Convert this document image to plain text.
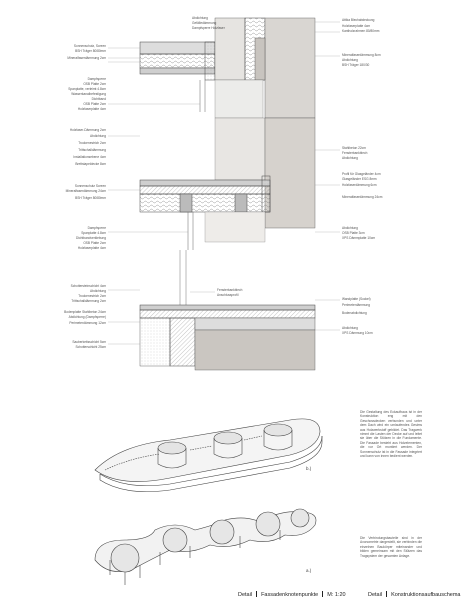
Sonnenschutz, Screen
BSH Träger 80/80mm
Mineralfaserdämmung 2cm
Dampfsperre
OSB Platte 2cm
Spanplatte, verleimt 4.8cm
Wasserkanalbefestigung
Dichtband
OSB Platte 2cm
Holzfaserplatte 4cm
Abdichtung
Gefälledämmung
Dampfsperre Holzfaser
Attika Blechabdeckung
Holzfaserplatte 4cm
Kantholzrahmen 80/80mm
Mineralfaserdämmung 8cm
Abdichtung
BSH Träger 180/30
Holzfaser-Dämmung 2cm
Abdichtung
Trockenestrich 2cm
Trittschalldämmung
Installationsebene 4cm
Brettstapeldecke 8cm
Sonnenschutz Screen
Mineralfaserdämmung 24cm
BSH Träger 80/80mm
Dampfsperre
Spanplatte 4.8cm
Dichtbandverklebung
OSB Platte 2cm
Holzfaserplatte 4cm
Stahlbeton 22cm
Fensterbankblech
Abdichtung
Profil für Glasgeländer 4cm
Glasgeländer ESG 8mm
Holzfaserdämmung 6cm
Mineralfaserdämmung 24cm
Abdichtung
OSB Platte 3cm
XPS Dämmplatte 10cm
Schottersteinschicht 4cm
Abdichtung
Trockenestrich 2cm
Trittschalldämmung 2cm
Bodenplatte Stahlbeton 24cm
Abdichtung (Dampfsperre)
Perimeterdämmung 12cm
Sauberkeitsschicht 5cm
Schotterschicht 25cm
Fensterbankblech
Anschlussprofil
Wandplatte (Sockel)
Perimeterdämmung
Bodenabdichtung
Abdichtung
XPS Dämmung 10cm
Die Gestaltung des Eckaufbaus ist in der Konstruktion eng mit den Geschossdecken verbunden und unter dem Dach wird ein umlaufendes Gesims aus Holzwerkstoff gebildet. Das Tragwerk nimmt die Lasten der Decke auf und leitet sie über die Stützen in die Fundamente. Die Fassade besteht aus Holzelementen, die vor Ort montiert werden. Der Sonnenschutz ist in die Fassade integriert und kann von innen bedient werden.
Die Verbindungsbauteile sind in der Axonometrie dargestellt, sie verbinden die einzelnen Baukörper miteinander und bilden gemeinsam mit den Stützen das Tragsystem der gesamten Anlage.
b.)
a.)
Detail Fassadenknotenpunkte M: 1:20	Detail Konstruktionsaufbauschema
